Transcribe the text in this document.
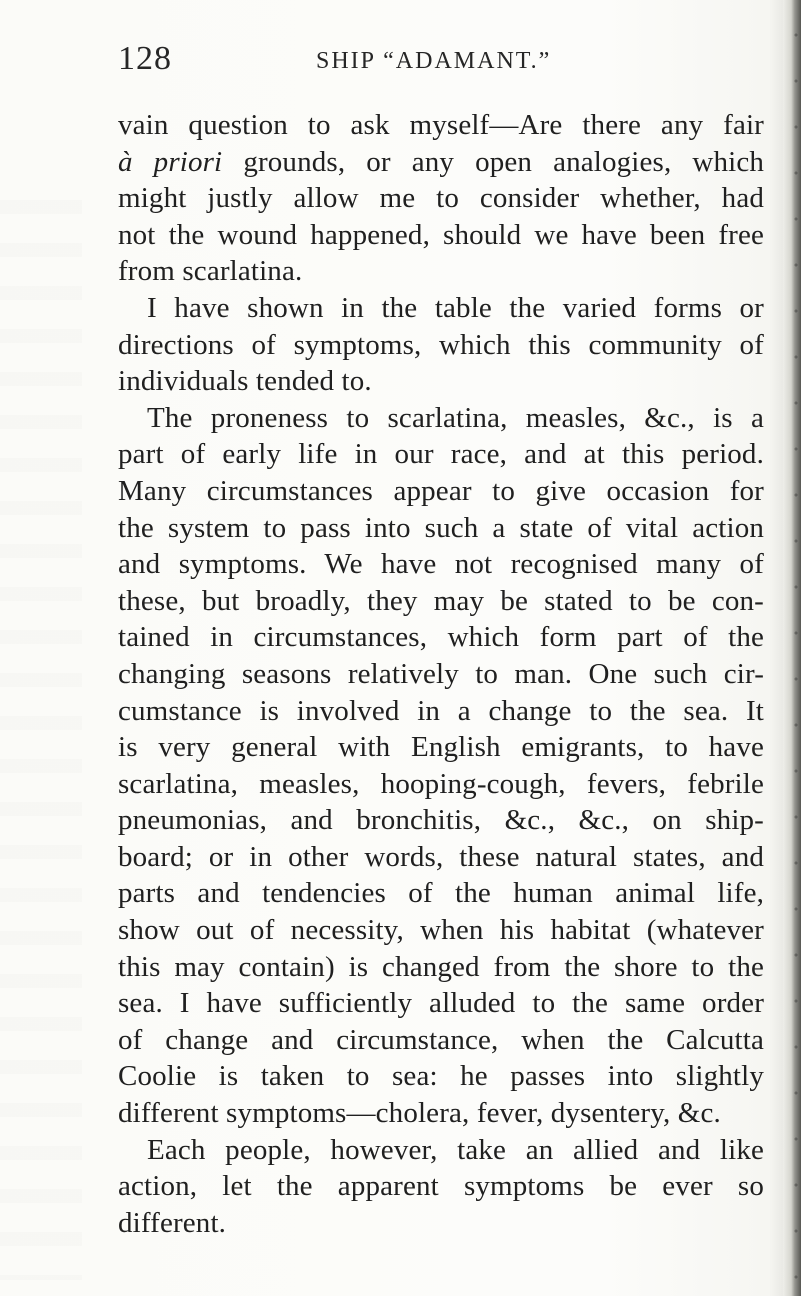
128	SHIP “ADAMANT.”
vain question to ask myself—Are there any fair
à priori grounds, or any open analogies, which
might justly allow me to consider whether, had
not the wound happened, should we have been free
from scarlatina.
I have shown in the table the varied forms or
directions of symptoms, which this community of
individuals tended to.
The proneness to scarlatina, measles, &c., is a
part of early life in our race, and at this period.
Many circumstances appear to give occasion for
the system to pass into such a state of vital action
and symptoms. We have not recognised many of
these, but broadly, they may be stated to be con-
tained in circumstances, which form part of the
changing seasons relatively to man. One such cir-
cumstance is involved in a change to the sea. It
is very general with English emigrants, to have
scarlatina, measles, hooping-cough, fevers, febrile
pneumonias, and bronchitis, &c., &c., on ship-
board; or in other words, these natural states, and
parts and tendencies of the human animal life,
show out of necessity, when his habitat (whatever
this may contain) is changed from the shore to the
sea. I have sufficiently alluded to the same order
of change and circumstance, when the Calcutta
Coolie is taken to sea: he passes into slightly
different symptoms—cholera, fever, dysentery, &c.
Each people, however, take an allied and like
action, let the apparent symptoms be ever so
different.
